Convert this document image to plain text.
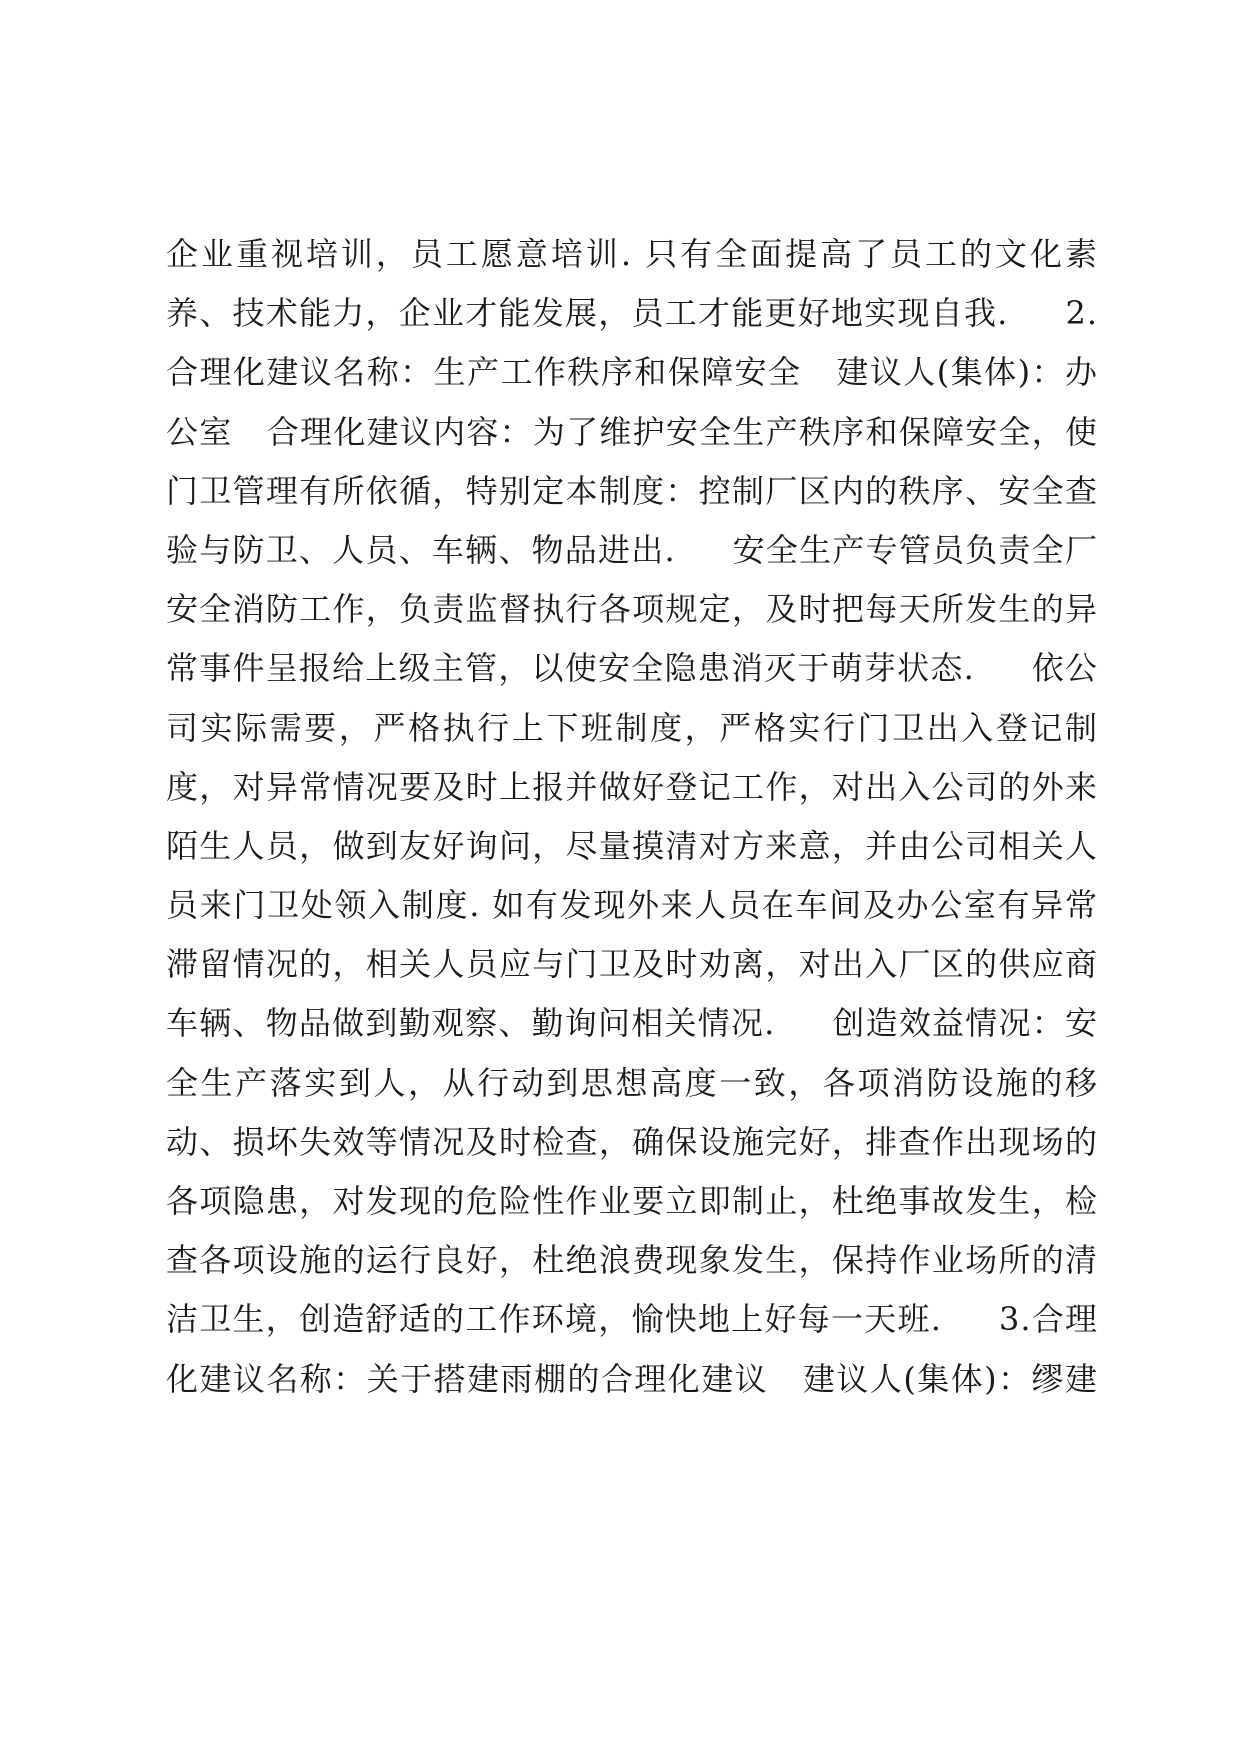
企业重视培训，员工愿意培训. 只有全面提高了员工的文化素
养、技术能力，企业才能发展，员工才能更好地实现自我.     2.
合理化建议名称：生产工作秩序和保障安全   建议人(集体)：办
公室   合理化建议内容：为了维护安全生产秩序和保障安全，使
门卫管理有所依循，特别定本制度：控制厂区内的秩序、安全查
验与防卫、人员、车辆、物品进出.     安全生产专管员负责全厂
安全消防工作，负责监督执行各项规定，及时把每天所发生的异
常事件呈报给上级主管，以使安全隐患消灭于萌芽状态.     依公
司实际需要，严格执行上下班制度，严格实行门卫出入登记制
度，对异常情况要及时上报并做好登记工作，对出入公司的外来
陌生人员，做到友好询问，尽量摸清对方来意，并由公司相关人
员来门卫处领入制度. 如有发现外来人员在车间及办公室有异常
滞留情况的，相关人员应与门卫及时劝离，对出入厂区的供应商
车辆、物品做到勤观察、勤询问相关情况.     创造效益情况：安
全生产落实到人，从行动到思想高度一致，各项消防设施的移
动、损坏失效等情况及时检查，确保设施完好，排查作出现场的
各项隐患，对发现的危险性作业要立即制止，杜绝事故发生，检
查各项设施的运行良好，杜绝浪费现象发生，保持作业场所的清
洁卫生，创造舒适的工作环境，愉快地上好每一天班.     3.合理
化建议名称：关于搭建雨棚的合理化建议   建议人(集体)：缪建
